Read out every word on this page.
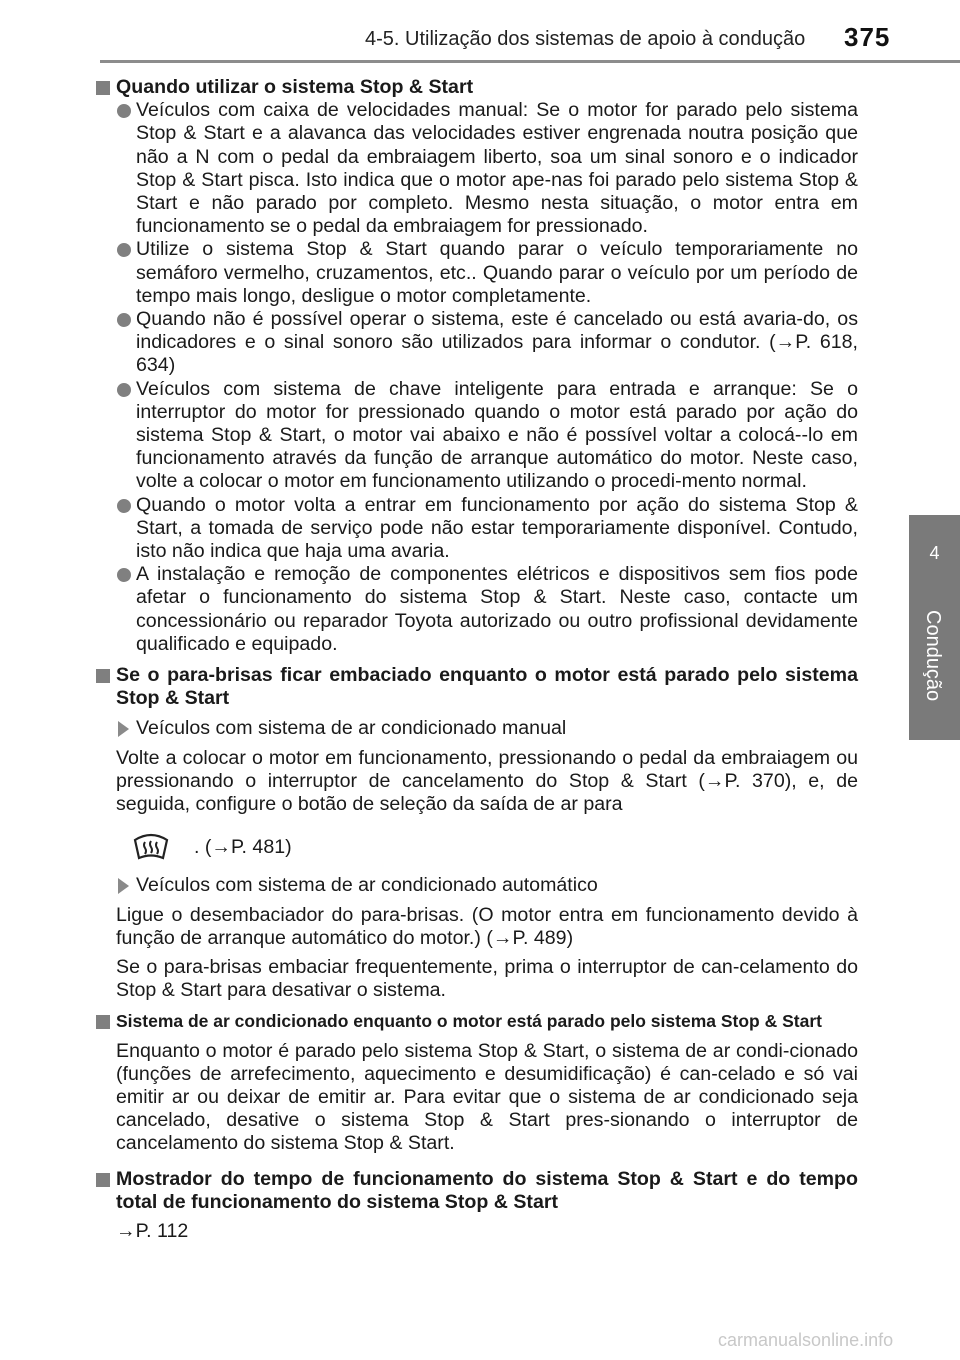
4-5. Utilização dos sistemas de apoio à condução 375
4
Condução
Quando utilizar o sistema Stop & Start
Veículos com caixa de velocidades manual: Se o motor for parado pelo sistema Stop & Start e a alavanca das velocidades estiver engrenada noutra posição que não a N com o pedal da embraiagem liberto, soa um sinal sonoro e o indicador Stop & Start pisca. Isto indica que o motor ape-nas foi parado pelo sistema Stop & Start e não parado por completo. Mesmo nesta situação, o motor entra em funcionamento se o pedal da embraiagem for pressionado.
Utilize o sistema Stop & Start quando parar o veículo temporariamente no semáforo vermelho, cruzamentos, etc.. Quando parar o veículo por um período de tempo mais longo, desligue o motor completamente.
Quando não é possível operar o sistema, este é cancelado ou está avaria-do, os indicadores e o sinal sonoro são utilizados para informar o condutor. (→P. 618, 634)
Veículos com sistema de chave inteligente para entrada e arranque: Se o interruptor do motor for pressionado quando o motor está parado por ação do sistema Stop & Start, o motor vai abaixo e não é possível voltar a colocá--lo em funcionamento através da função de arranque automático do motor. Neste caso, volte a colocar o motor em funcionamento utilizando o procedi-mento normal.
Quando o motor volta a entrar em funcionamento por ação do sistema Stop & Start, a tomada de serviço pode não estar temporariamente disponível. Contudo, isto não indica que haja uma avaria.
A instalação e remoção de componentes elétricos e dispositivos sem fios pode afetar o funcionamento do sistema Stop & Start. Neste caso, contacte um concessionário ou reparador Toyota autorizado ou outro profissional devidamente qualificado e equipado.
Se o para-brisas ficar embaciado enquanto o motor está parado pelo sistema Stop & Start
Veículos com sistema de ar condicionado manual
Volte a colocar o motor em funcionamento, pressionando o pedal da embraiagem ou pressionando o interruptor de cancelamento do Stop & Start (→P. 370), e, de seguida, configure o botão de seleção da saída de ar para
. (→P. 481)
Veículos com sistema de ar condicionado automático
Ligue o desembaciador do para-brisas. (O motor entra em funcionamento devido à função de arranque automático do motor.) (→P. 489)
Se o para-brisas embaciar frequentemente, prima o interruptor de can-celamento do Stop & Start para desativar o sistema.
Sistema de ar condicionado enquanto o motor está parado pelo sistema Stop & Start
Enquanto o motor é parado pelo sistema Stop & Start, o sistema de ar condi-cionado (funções de arrefecimento, aquecimento e desumidificação) é can-celado e só vai emitir ar ou deixar de emitir ar. Para evitar que o sistema de ar condicionado seja cancelado, desative o sistema Stop & Start pres-sionando o interruptor de cancelamento do sistema Stop & Start.
Mostrador do tempo de funcionamento do sistema Stop & Start e do tempo total de funcionamento do sistema Stop & Start
→P. 112
carmanualsonline.info
